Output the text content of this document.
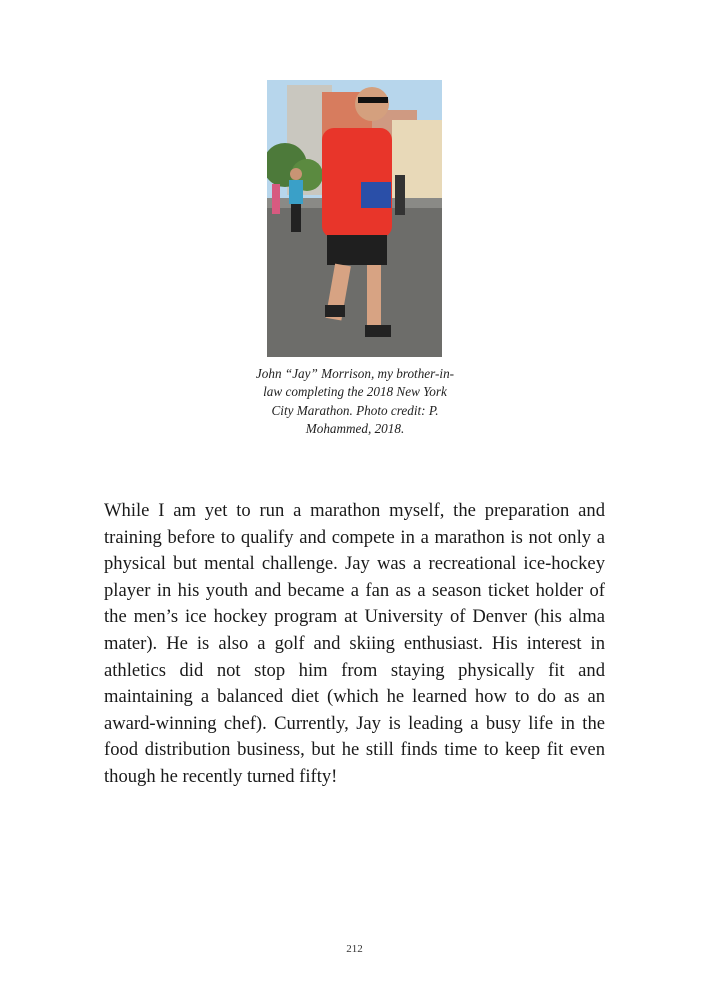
John “Jay” Morrison, my brother-in-law completing the 2018 New York City Marathon. Photo credit: P. Mohammed, 2018.

While I am yet to run a marathon myself, the preparation and training before to qualify and compete in a marathon is not only a physical but mental challenge. Jay was a recreational ice-hockey player in his youth and became a fan as a season ticket holder of the men’s ice hockey program at University of Denver (his alma mater). He is also a golf and skiing enthusiast. His interest in athletics did not stop him from staying physically fit and maintaining a balanced diet (which he learned how to do as an award-winning chef). Currently, Jay is leading a busy life in the food distribution business, but he still finds time to keep fit even though he recently turned fifty!

212
